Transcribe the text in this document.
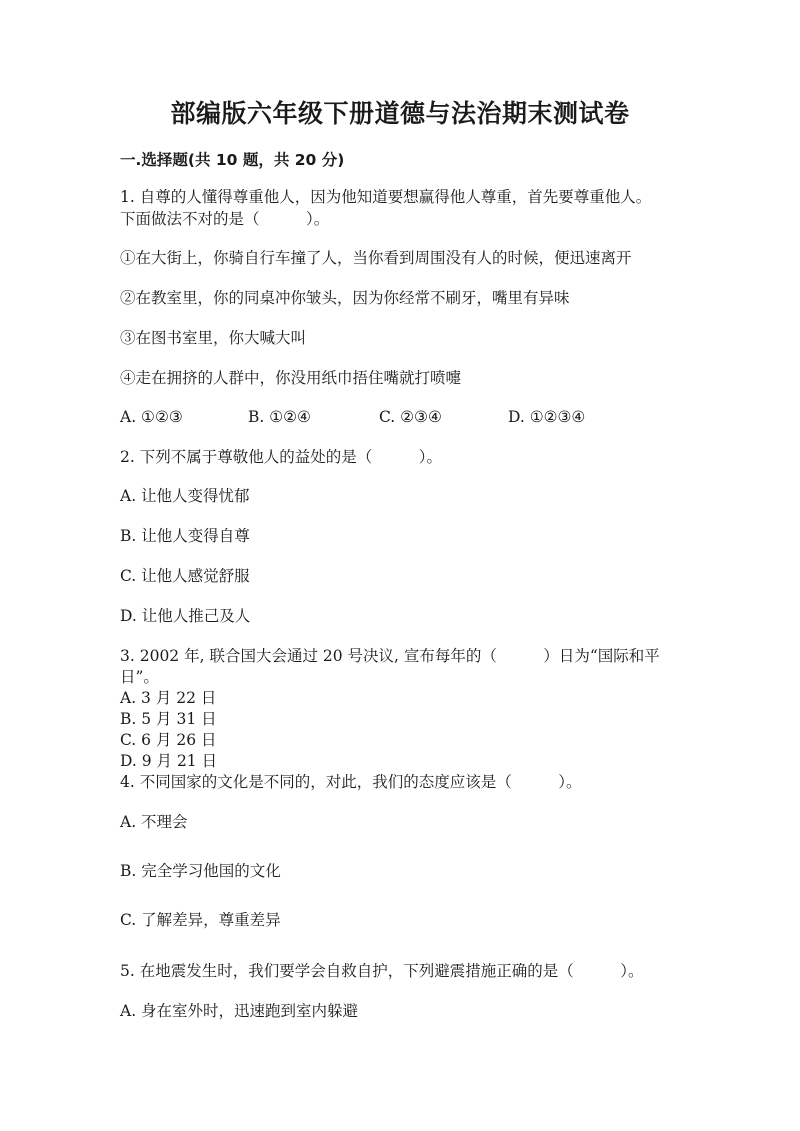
部编版六年级下册道德与法治期末测试卷
一.选择题(共 10 题，共 20 分)
1. 自尊的人懂得尊重他人，因为他知道要想赢得他人尊重，首先要尊重他人。
下面做法不对的是（　　　）。
①在大街上，你骑自行车撞了人，当你看到周围没有人的时候，便迅速离开
②在教室里，你的同桌冲你皱头，因为你经常不刷牙，嘴里有异味
③在图书室里，你大喊大叫
④走在拥挤的人群中，你没用纸巾捂住嘴就打喷嚏
A. ①②③	B. ①②④	C. ②③④	D. ①②③④
2. 下列不属于尊敬他人的益处的是（　　　）。
A. 让他人变得忧郁
B. 让他人变得自尊
C. 让他人感觉舒服
D. 让他人推己及人
3. 2002 年, 联合国大会通过 20 号决议, 宣布每年的（　　　）日为“国际和平
日”。
A. 3 月 22 日
B. 5 月 31 日
C. 6 月 26 日
D. 9 月 21 日
4. 不同国家的文化是不同的，对此，我们的态度应该是（　　　）。
A. 不理会
B. 完全学习他国的文化
C. 了解差异，尊重差异
5. 在地震发生时，我们要学会自救自护，下列避震措施正确的是（　　　）。
A. 身在室外时，迅速跑到室内躲避
